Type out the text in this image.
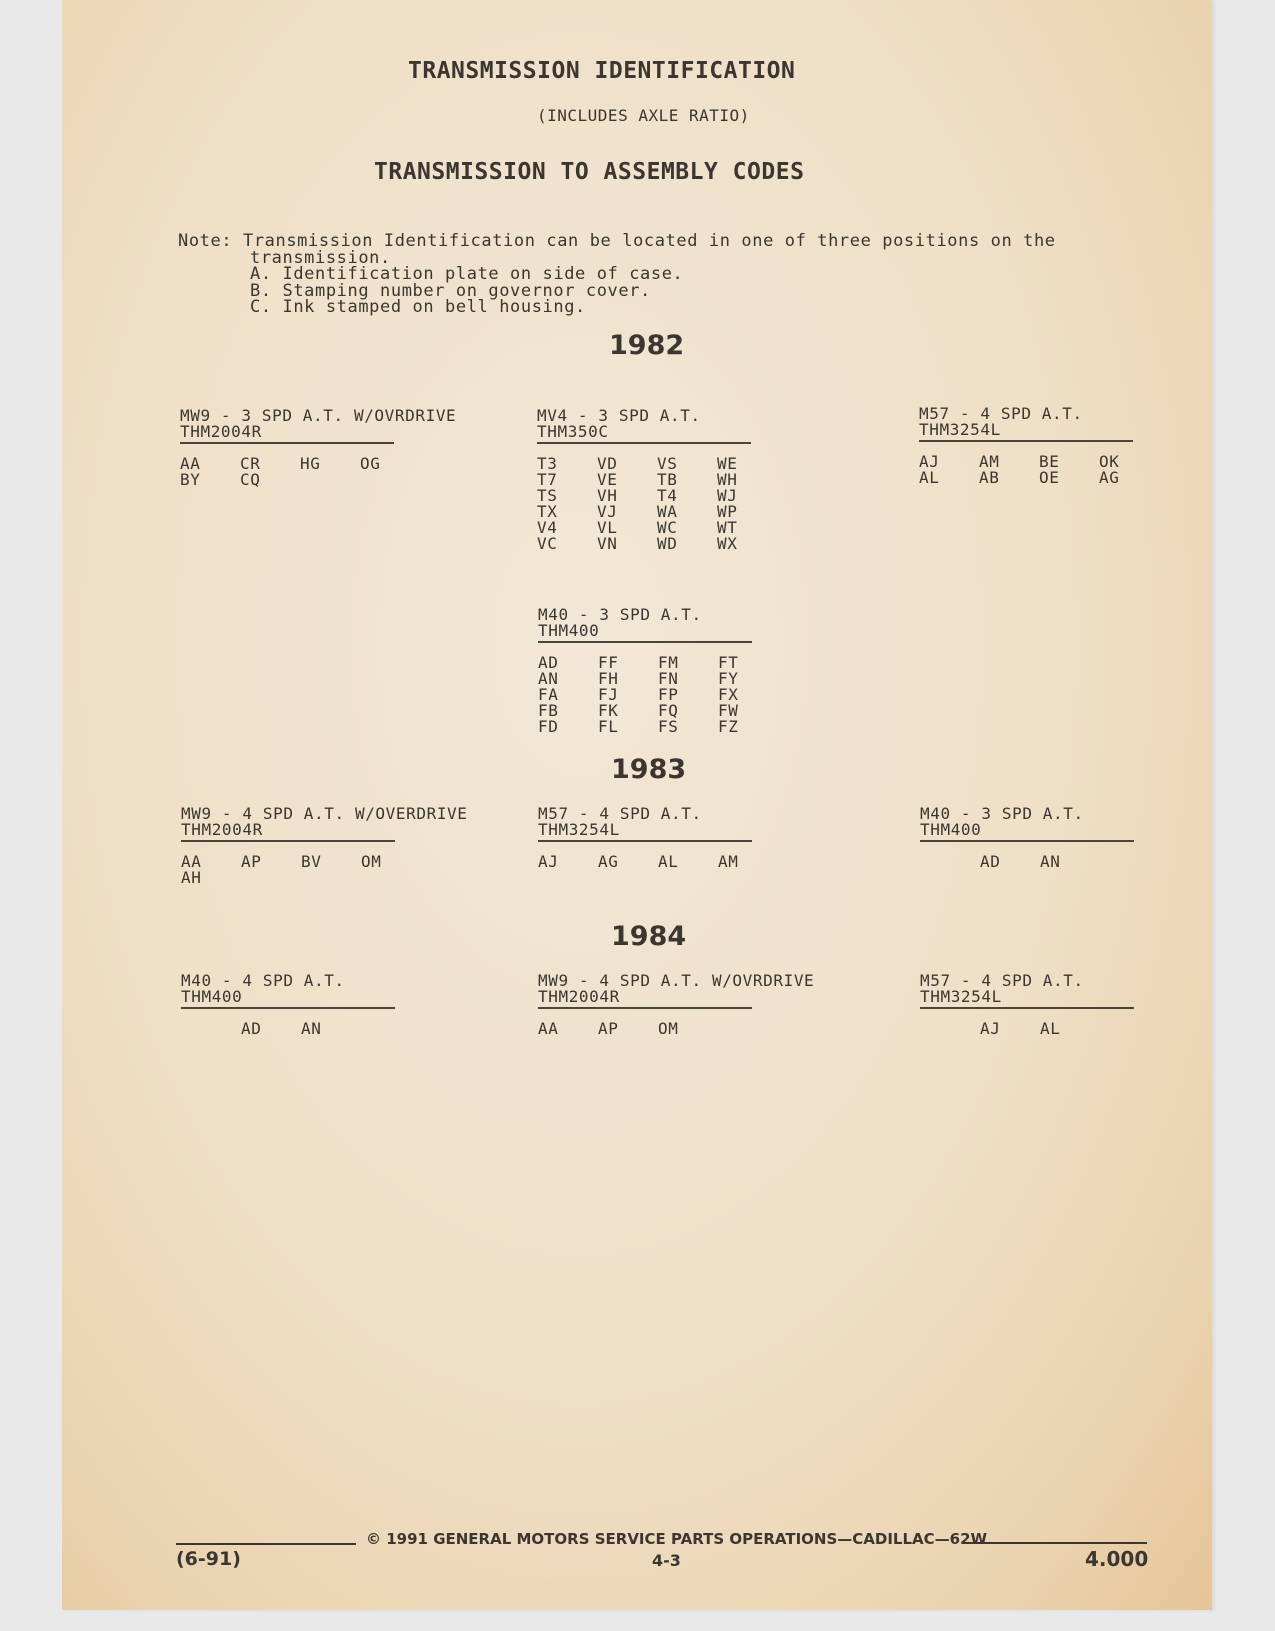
TRANSMISSION IDENTIFICATION
(INCLUDES AXLE RATIO)
TRANSMISSION TO ASSEMBLY CODES
Note: Transmission Identification can be located in one of three positions on the
transmission.
A. Identification plate on side of case.
B. Stamping number on governor cover.
C. Ink stamped on bell housing.
1982
1983
1984
MW9 - 3 SPD A.T. W/OVRDRIVE
THM2004R
AA	CR	HG	OG
BY	CQ
MV4 - 3 SPD A.T.
THM350C
T3	VD	VS	WE
T7	VE	TB	WH
TS	VH	T4	WJ
TX	VJ	WA	WP
V4	VL	WC	WT
VC	VN	WD	WX
M57 - 4 SPD A.T.
THM3254L
AJ	AM	BE	OK
AL	AB	OE	AG
M40 - 3 SPD A.T.
THM400
AD	FF	FM	FT
AN	FH	FN	FY
FA	FJ	FP	FX
FB	FK	FQ	FW
FD	FL	FS	FZ
MW9 - 4 SPD A.T. W/OVERDRIVE
THM2004R
AA	AP	BV	OM
AH
M57 - 4 SPD A.T.
THM3254L
AJ	AG	AL	AM
M40 - 3 SPD A.T.
THM400
AD	AN
M40 - 4 SPD A.T.
THM400
AD	AN
MW9 - 4 SPD A.T. W/OVRDRIVE
THM2004R
AA	AP	OM
M57 - 4 SPD A.T.
THM3254L
AJ	AL
© 1991 GENERAL MOTORS SERVICE PARTS OPERATIONS—CADILLAC—62W
(6-91)	4-3	4.000
